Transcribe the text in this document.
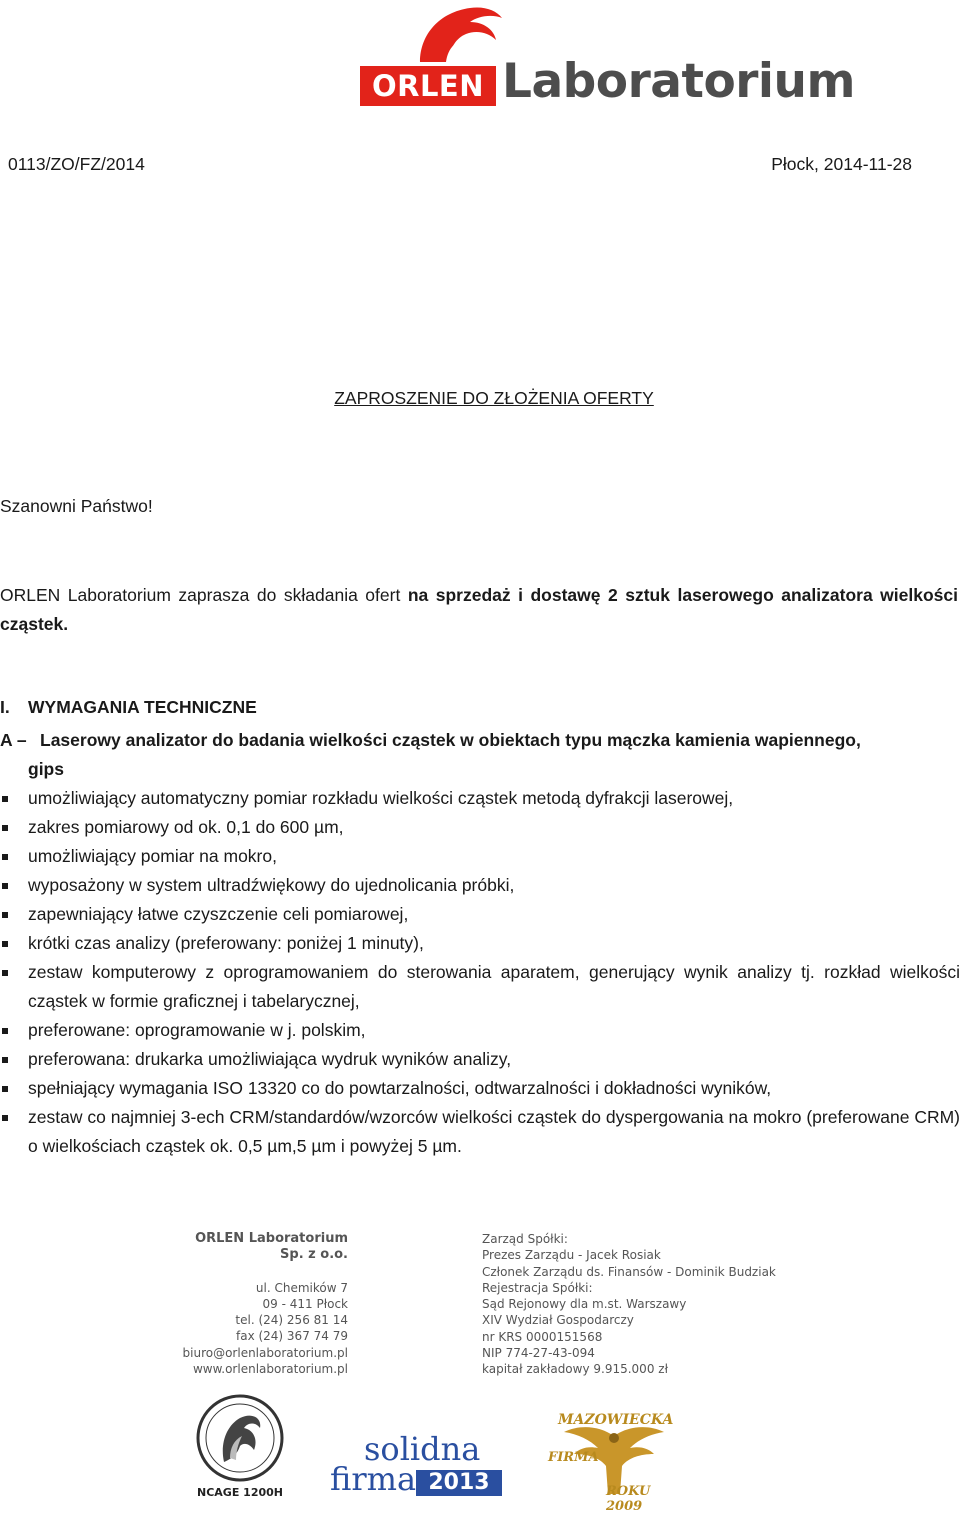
ORLEN Laboratorium
0113/ZO/FZ/2014	Płock, 2014-11-28
ZAPROSZENIE DO ZŁOŻENIA OFERTY
Szanowni Państwo!
ORLEN Laboratorium zaprasza do składania ofert na sprzedaż i dostawę 2 sztuk laserowego analizatora wielkości cząstek.
I. WYMAGANIA TECHNICZNE
A – Laserowy analizator do badania wielkości cząstek w obiektach typu mączka kamienia wapiennego,
gips
umożliwiający automatyczny pomiar rozkładu wielkości cząstek metodą dyfrakcji laserowej,
zakres pomiarowy od ok. 0,1 do 600 µm,
umożliwiający pomiar na mokro,
wyposażony w system ultradźwiękowy do ujednolicania próbki,
zapewniający łatwe czyszczenie celi pomiarowej,
krótki czas analizy (preferowany: poniżej 1 minuty),
zestaw komputerowy z oprogramowaniem do sterowania aparatem, generujący wynik analizy tj. rozkład wielkości cząstek w formie graficznej i tabelarycznej,
preferowane: oprogramowanie w j. polskim,
preferowana: drukarka umożliwiająca wydruk wyników analizy,
spełniający wymagania ISO 13320 co do powtarzalności, odtwarzalności i dokładności wyników,
zestaw co najmniej 3-ech CRM/standardów/wzorców wielkości cząstek do dyspergowania na mokro (preferowane CRM) o wielkościach cząstek ok. 0,5 µm,5 µm i powyżej 5 µm.
ORLEN Laboratorium
Sp. z o.o.
ul. Chemików 7
09 - 411 Płock
tel. (24) 256 81 14
fax (24) 367 74 79
biuro@orlenlaboratorium.pl
www.orlenlaboratorium.pl
Zarząd Spółki:
Prezes Zarządu - Jacek Rosiak
Członek Zarządu ds. Finansów - Dominik Budziak
Rejestracja Spółki:
Sąd Rejonowy dla m.st. Warszawy
XIV Wydział Gospodarczy
nr KRS 0000151568
NIP 774-27-43-094
kapitał zakładowy 9.915.000 zł
NCAGE 1200H
solidna
firma 2013
MAZOWIECKA
FIRMA
ROKU 2009
